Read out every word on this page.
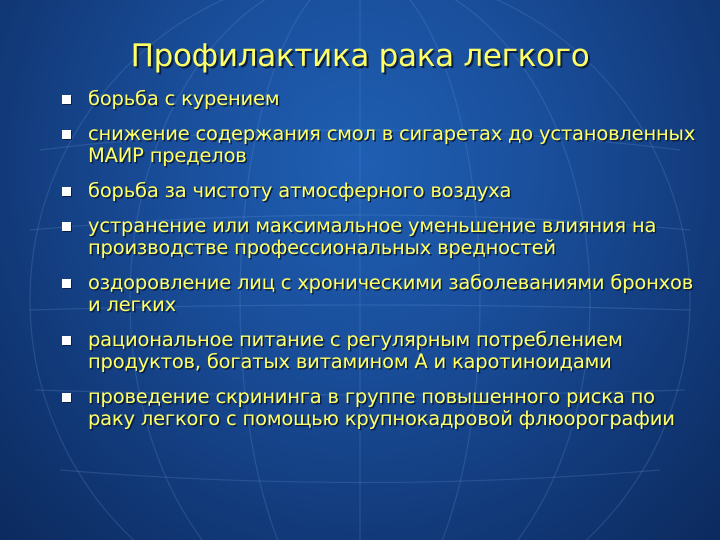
Профилактика рака легкого
борьба с курением
снижение содержания смол в сигаретах до установленных МАИР пределов
борьба за чистоту атмосферного воздуха
устранение или максимальное уменьшение влияния на производстве профессиональных вредностей
оздоровление лиц с хроническими заболеваниями бронхов и легких
рациональное питание с регулярным потреблением продуктов, богатых витамином А и каротиноидами
проведение скрининга в группе повышенного риска по раку легкого с помощью крупнокадровой флюорографии
